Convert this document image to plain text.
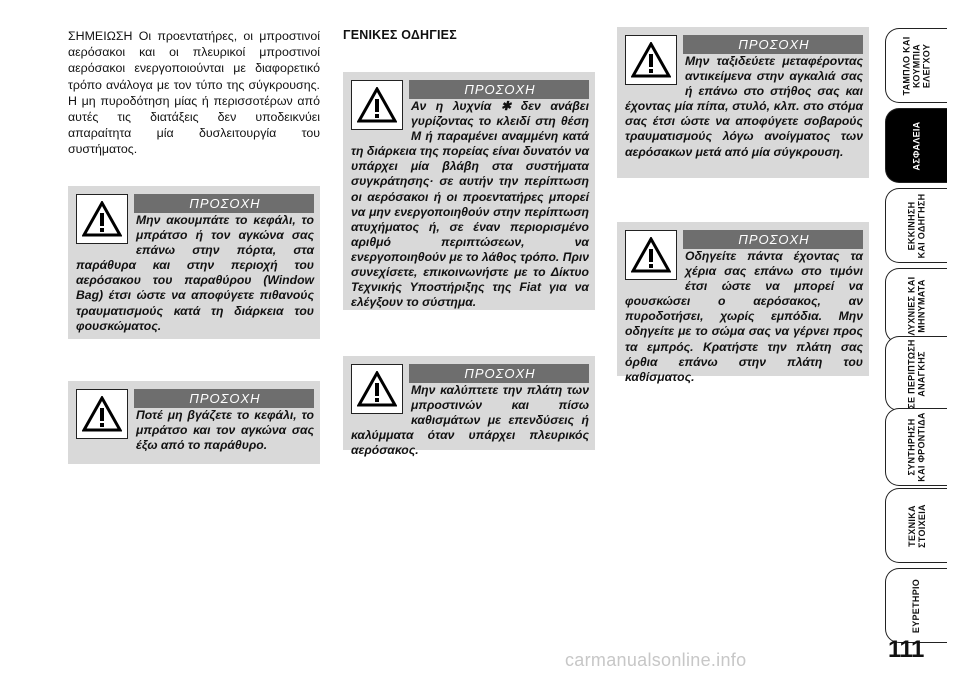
ΣΗΜΕΙΩΣΗ Οι προεντατήρες, οι μπροστινοί αερόσακοι και οι πλευρικοί μπροστινοί αερόσακοι ενεργοποιούνται με διαφορετικό τρόπο ανάλογα με τον τύπο της σύγκρουσης. Η μη πυροδότηση μίας ή περισσοτέρων από αυτές τις διατάξεις δεν υποδεικνύει απαραίτητα μία δυσλειτουργία του συστήματος.

ΓΕΝΙΚΕΣ ΟΔΗΓΙΕΣ
ΠΡΟΣΟΧΗ

Μην ακουμπάτε το κεφάλι, το μπράτσο ή τον αγκώνα σας επάνω στην πόρτα, στα παράθυρα και στην περιοχή του αερόσακου του παραθύρου (Window Bag) έτσι ώστε να αποφύγετε πιθανούς τραυματισμούς κατά τη διάρκεια του φουσκώματος.

ΠΡΟΣΟΧΗ

Ποτέ μη βγάζετε το κεφάλι, το μπράτσο και τον αγκώνα σας έξω από το παράθυρο.

ΠΡΟΣΟΧΗ

Αν η λυχνία ✱ δεν ανάβει γυρίζοντας το κλειδί στη θέση Μ ή παραμένει αναμμένη κατά τη διάρκεια της πορείας είναι δυνατόν να υπάρχει μία βλάβη στα συστήματα συγκράτησης· σε αυτήν την περίπτωση οι αερόσακοι ή οι προεντατήρες μπορεί να μην ενεργοποιηθούν στην περίπτωση ατυχήματος ή, σε έναν περιορισμένο αριθμό περιπτώσεων, να ενεργοποιηθούν με το λάθος τρόπο. Πριν συνεχίσετε, επικοινωνήστε με το Δίκτυο Τεχνικής Υποστήριξης της Fiat για να ελέγξουν το σύστημα.

ΠΡΟΣΟΧΗ

Μην καλύπτετε την πλάτη των μπροστινών και πίσω καθισμάτων με επενδύσεις ή καλύμματα όταν υπάρχει πλευρικός αερόσακος.

ΠΡΟΣΟΧΗ

Μην ταξιδεύετε μεταφέροντας αντικείμενα στην αγκαλιά σας ή επάνω στο στήθος σας και έχοντας μία πίπα, στυλό, κλπ. στο στόμα σας έτσι ώστε να αποφύγετε σοβαρούς τραυματισμούς λόγω ανοίγματος των αερόσακων μετά από μία σύγκρουση.

ΠΡΟΣΟΧΗ

Οδηγείτε πάντα έχοντας τα χέρια σας επάνω στο τιμόνι έτσι ώστε να μπορεί να φουσκώσει ο αερόσακος, αν πυροδοτήσει, χωρίς εμπόδια. Μην οδηγείτε με το σώμα σας να γέρνει προς τα εμπρός. Κρατήστε την πλάτη σας όρθια επάνω στην πλάτη του καθίσματος.

ΤΑΜΠΛΟ ΚΑΙ
ΚΟΥΜΠΙΑ
ΕΛΕΓΧΟΥ
ΑΣΦΑΛΕΙΑ
ΕΚΚΙΝΗΣΗ
ΚΑΙ ΟΔΗΓΗΣΗ
ΛΥΧΝΙΕΣ ΚΑΙ
ΜΗΝΥΜΑΤΑ
ΣΕ ΠΕΡΙΠΤΩΣΗ
ΑΝΑΓΚΗΣ
ΣΥΝΤΗΡΗΣΗ
ΚΑΙ ΦΡΟΝΤΙΔΑ
ΤΕΧΝΙΚΑ
ΣΤΟΙΧΕΙΑ
ΕΥΡΕΤΗΡΙΟ
111
carmanualsonline.info
